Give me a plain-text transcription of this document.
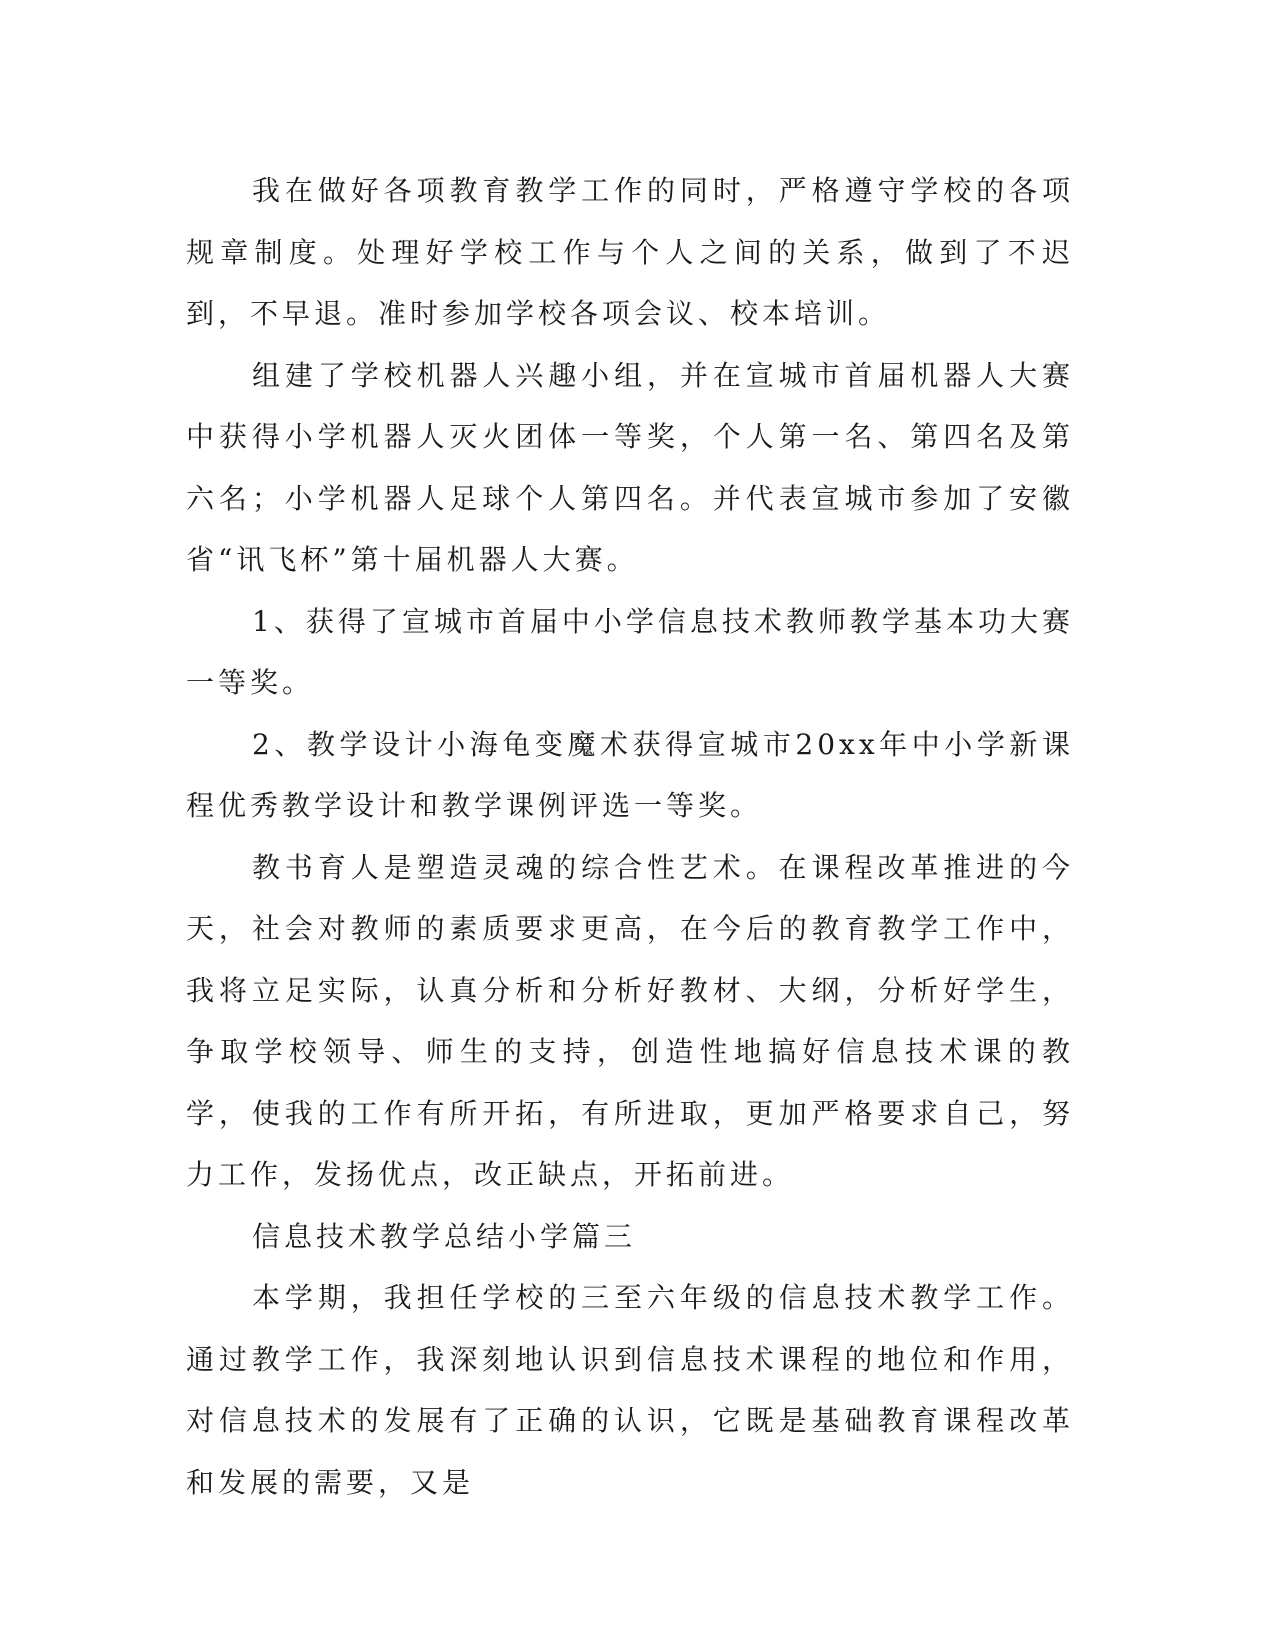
我在做好各项教育教学工作的同时，严格遵守学校的各项规章制度。处理好学校工作与个人之间的关系，做到了不迟到，不早退。准时参加学校各项会议、校本培训。

组建了学校机器人兴趣小组，并在宣城市首届机器人大赛中获得小学机器人灭火团体一等奖，个人第一名、第四名及第六名；小学机器人足球个人第四名。并代表宣城市参加了安徽省“讯飞杯”第十届机器人大赛。

1、获得了宣城市首届中小学信息技术教师教学基本功大赛一等奖。

2、教学设计小海龟变魔术获得宣城市20xx年中小学新课程优秀教学设计和教学课例评选一等奖。

教书育人是塑造灵魂的综合性艺术。在课程改革推进的今天，社会对教师的素质要求更高，在今后的教育教学工作中，我将立足实际，认真分析和分析好教材、大纲，分析好学生，争取学校领导、师生的支持，创造性地搞好信息技术课的教学，使我的工作有所开拓，有所进取，更加严格要求自己，努力工作，发扬优点，改正缺点，开拓前进。

信息技术教学总结小学篇三

本学期，我担任学校的三至六年级的信息技术教学工作。通过教学工作，我深刻地认识到信息技术课程的地位和作用，对信息技术的发展有了正确的认识，它既是基础教育课程改革和发展的需要，又是
